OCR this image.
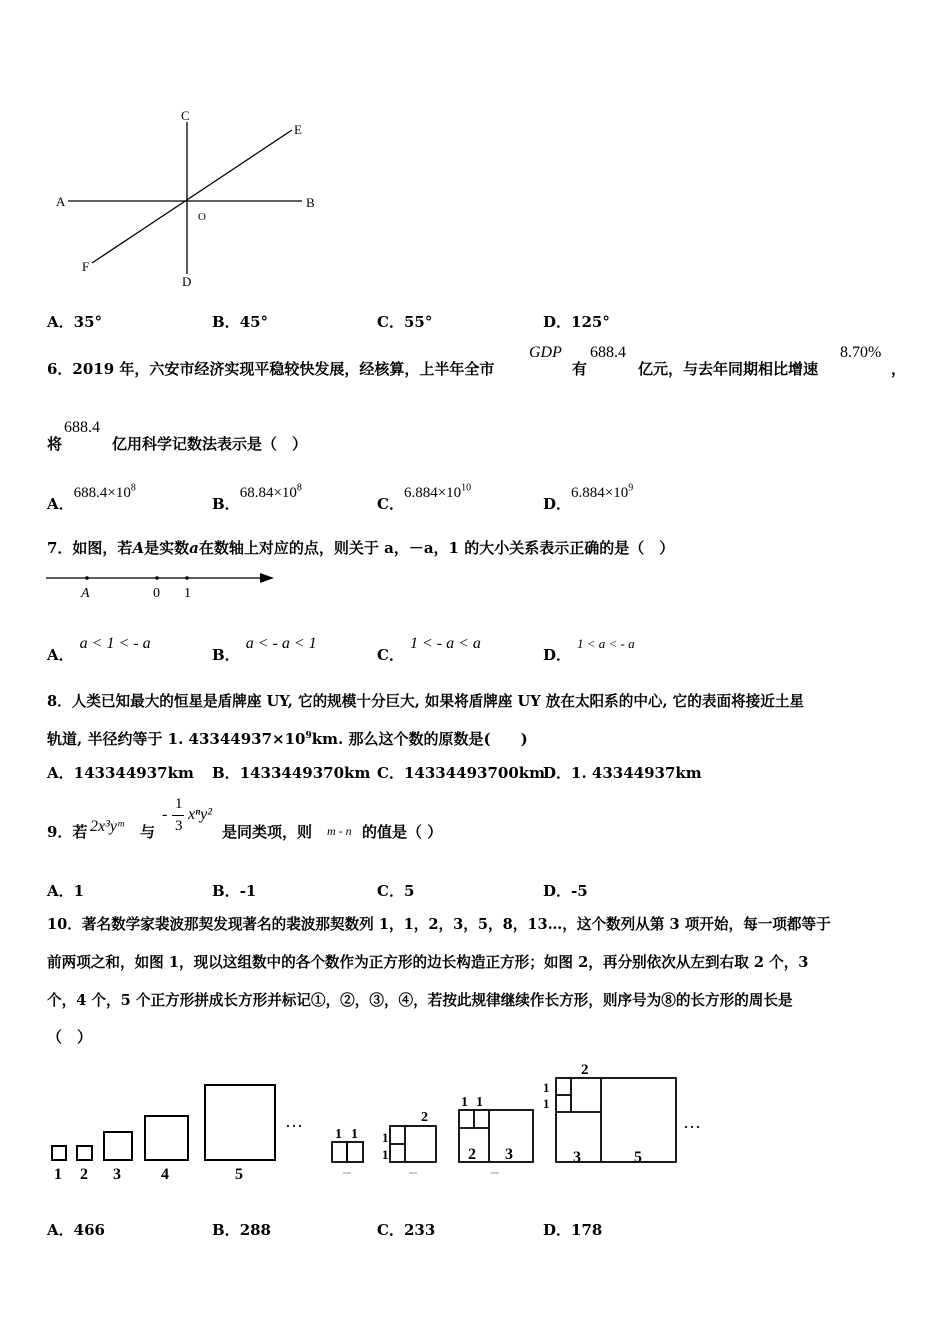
C
E
A	B
O
F
D
A．35°	B．45°	C．55°	D．125°
6．2019 年，六安市经济实现平稳较快发展，经核算，上半年全市
GDP
有
688.4
亿元，与去年同期相比增速
8.70%
，
将
688.4
亿用科学记数法表示是（　）
A．$688.4\times 10^8$
B．$68.84\times 10^8$
C．$6.884\times 10^{10}$
D．$6.884\times 10^9$
7．如图，若A是实数a在数轴上对应的点，则关于 a，－a，1 的大小关系表示正确的是（　）
A	0 1
A．a < 1 < - a
B．a < - a < 1
C．1 < - a < a
D．1 < a < - a
8．人类已知最大的恒星是盾牌座 UY, 它的规模十分巨大, 如果将盾牌座 UY 放在太阳系的中心, 它的表面将接近土星
轨道, 半径约等于 1. $43344937\times 10^9km$. 那么这个数的原数是(　　)
A．143344937km B．1433449370km C．14334493700km
D．1. 43344937km
9．若 2x³yᵐ 与
-
1
3
xⁿy²
是同类项，则 m - n 的值是（ ）
A．1	B．-1	C．5	D．-5
10．著名数学家裴波那契发现著名的裴波那契数列 1，1，2，3，5，8，13…，这个数列从第 3 项开始，每一项都等于
前两项之和，如图 1，现以这组数中的各个数作为正方形的边长构造正方形；如图 2，再分别依次从左到右取 2 个，3
个，4 个，5 个正方形拼成长方形并标记①，②，③，④，若按此规律继续作长方形，则序号为⑧的长方形的周长是
（　）
1 2 3	4	5
…
1 1 1
1
2
1 1
2 3
1
1
2
3	5
…
A．466	B．288	C．233	D．178
